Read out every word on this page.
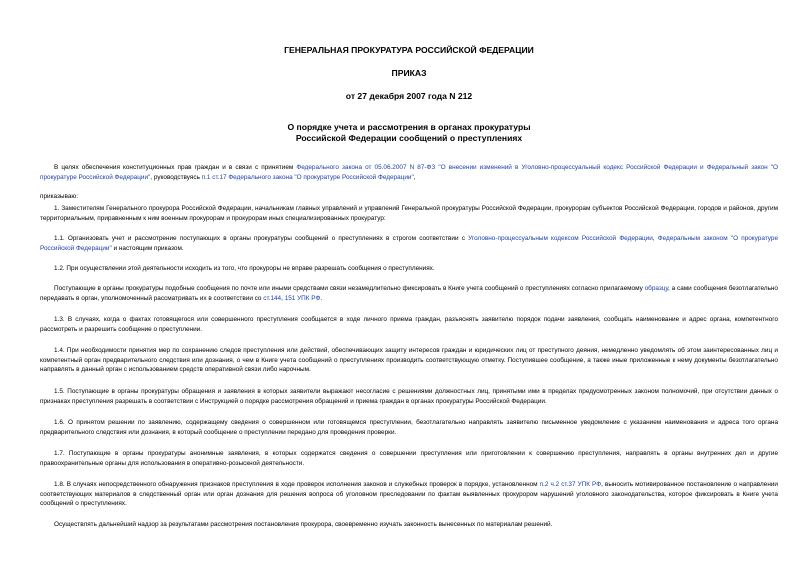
ГЕНЕРАЛЬНАЯ ПРОКУРАТУРА РОССИЙСКОЙ ФЕДЕРАЦИИ
ПРИКАЗ
от 27 декабря 2007 года N 212
О порядке учета и рассмотрения в органах прокуратуры
Российской Федерации сообщений о преступлениях

В целях обеспечения конституционных прав граждан и в связи с принятием Федерального закона от 05.06.2007 N 87-ФЗ "О внесении изменений в Уголовно-процессуальный кодекс Российской Федерации и Федеральный закон "О прокуратуре Российской Федерации", руководствуясь п.1 ст.17 Федерального закона "О прокуратуре Российской Федерации",

приказываю:

1. Заместителям Генерального прокурора Российской Федерации, начальникам главных управлений и управлений Генеральной прокуратуры Российской Федерации, прокурорам субъектов Российской Федерации, городов и районов, другим территориальным, приравненным к ним военным прокурорам и прокурорам иных специализированных прокуратур:

1.1. Организовать учет и рассмотрение поступающих в органы прокуратуры сообщений о преступлениях в строгом соответствии с Уголовно-процессуальным кодексом Российской Федерации, Федеральным законом "О прокуратуре Российской Федерации" и настоящим приказом.

1.2. При осуществлении этой деятельности исходить из того, что прокуроры не вправе разрешать сообщения о преступлениях.

Поступающие в органы прокуратуры подобные сообщения по почте или иными средствами связи незамедлительно фиксировать в Книге учета сообщений о преступлениях согласно прилагаемому образцу, а сами сообщения безотлагательно передавать в орган, уполномоченный рассматривать их в соответствии со ст.144, 151 УПК РФ.

1.3. В случаях, когда о фактах готовящегося или совершенного преступления сообщается в ходе личного приема граждан, разъяснять заявителю порядок подачи заявления, сообщать наименование и адрес органа, компетентного рассмотреть и разрешить сообщение о преступлении.

1.4. При необходимости принятия мер по сохранению следов преступления или действий, обеспечивающих защиту интересов граждан и юридических лиц от преступного деяния, немедленно уведомлять об этом заинтересованных лиц и компетентный орган предварительного следствия или дознания, о чем в Книге учета сообщений о преступлениях производить соответствующую отметку. Поступившее сообщение, а также иные приложенные к нему документы безотлагательно направлять в данный орган с использованием средств оперативной связи либо нарочным.

1.5. Поступающие в органы прокуратуры обращения и заявления в которых заявители выражают несогласие с решениями должностных лиц, принятыми ими в пределах предусмотренных законом полномочий, при отсутствии данных о признаках преступления разрешать в соответствии с Инструкцией о порядке рассмотрения обращений и приема граждан в органах прокуратуры Российской Федерации.

1.6. О принятом решении по заявлению, содержащему сведения о совершенном или готовящемся преступлении, безотлагательно направлять заявителю письменное уведомление с указанием наименования и адреса того органа предварительного следствия или дознания, в который сообщение о преступлении передано для проведения проверки.

1.7. Поступающие в органы прокуратуры анонимные заявления, в которых содержатся сведения о совершении преступления или приготовлении к совершению преступления, направлять в органы внутренних дел и другие правоохранительные органы для использования в оперативно-розыскной деятельности.

1.8. В случаях непосредственного обнаружения признаков преступления в ходе проверок исполнения законов и служебных проверок в порядке, установленном п.2 ч.2 ст.37 УПК РФ, выносить мотивированное постановление о направлении соответствующих материалов в следственный орган или орган дознания для решения вопроса об уголовном преследовании по фактам выявленных прокурором нарушений уголовного законодательства, которое фиксировать в Книге учета сообщений о преступлениях.

Осуществлять дальнейший надзор за результатами рассмотрения постановления прокурора, своевременно изучать законность вынесенных по материалам решений.
